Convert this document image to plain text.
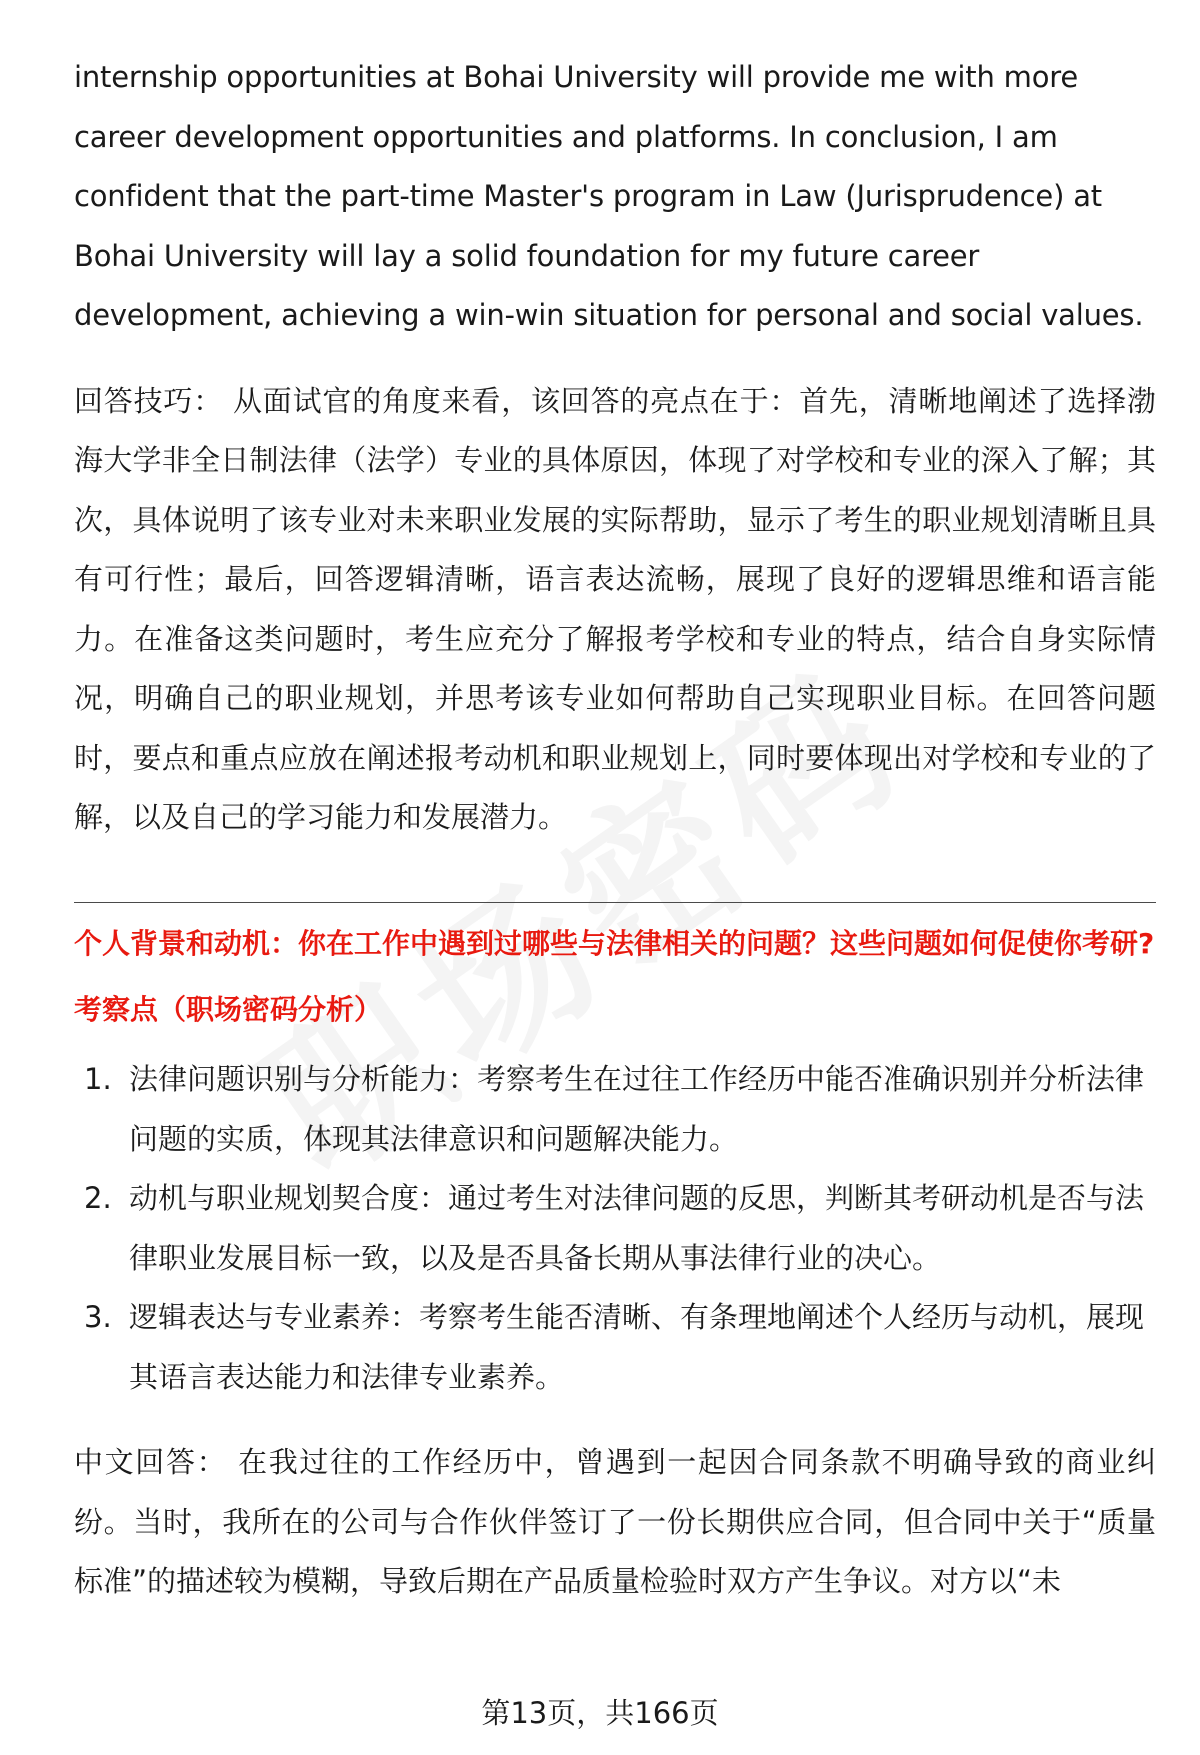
internship opportunities at Bohai University will provide me with more career development opportunities and platforms. In conclusion, I am confident that the part-time Master's program in Law (Jurisprudence) at Bohai University will lay a solid foundation for my future career development, achieving a win-win situation for personal and social values.

回答技巧： 从面试官的角度来看，该回答的亮点在于：首先，清晰地阐述了选择渤海大学非全日制法律（法学）专业的具体原因，体现了对学校和专业的深入了解；其次，具体说明了该专业对未来职业发展的实际帮助，显示了考生的职业规划清晰且具有可行性；最后，回答逻辑清晰，语言表达流畅，展现了良好的逻辑思维和语言能力。在准备这类问题时，考生应充分了解报考学校和专业的特点，结合自身实际情况，明确自己的职业规划，并思考该专业如何帮助自己实现职业目标。在回答问题时，要点和重点应放在阐述报考动机和职业规划上，同时要体现出对学校和专业的了解，以及自己的学习能力和发展潜力。

个人背景和动机：你在工作中遇到过哪些与法律相关的问题？这些问题如何促使你考研?

考察点（职场密码分析）

1. 法律问题识别与分析能力：考察考生在过往工作经历中能否准确识别并分析法律问题的实质，体现其法律意识和问题解决能力。
2. 动机与职业规划契合度：通过考生对法律问题的反思，判断其考研动机是否与法律职业发展目标一致，以及是否具备长期从事法律行业的决心。
3. 逻辑表达与专业素养：考察考生能否清晰、有条理地阐述个人经历与动机，展现其语言表达能力和法律专业素养。

中文回答： 在我过往的工作经历中，曾遇到一起因合同条款不明确导致的商业纠纷。当时，我所在的公司与合作伙伴签订了一份长期供应合同，但合同中关于“质量标准”的描述较为模糊，导致后期在产品质量检验时双方产生争议。对方以“未

第13页，共166页
